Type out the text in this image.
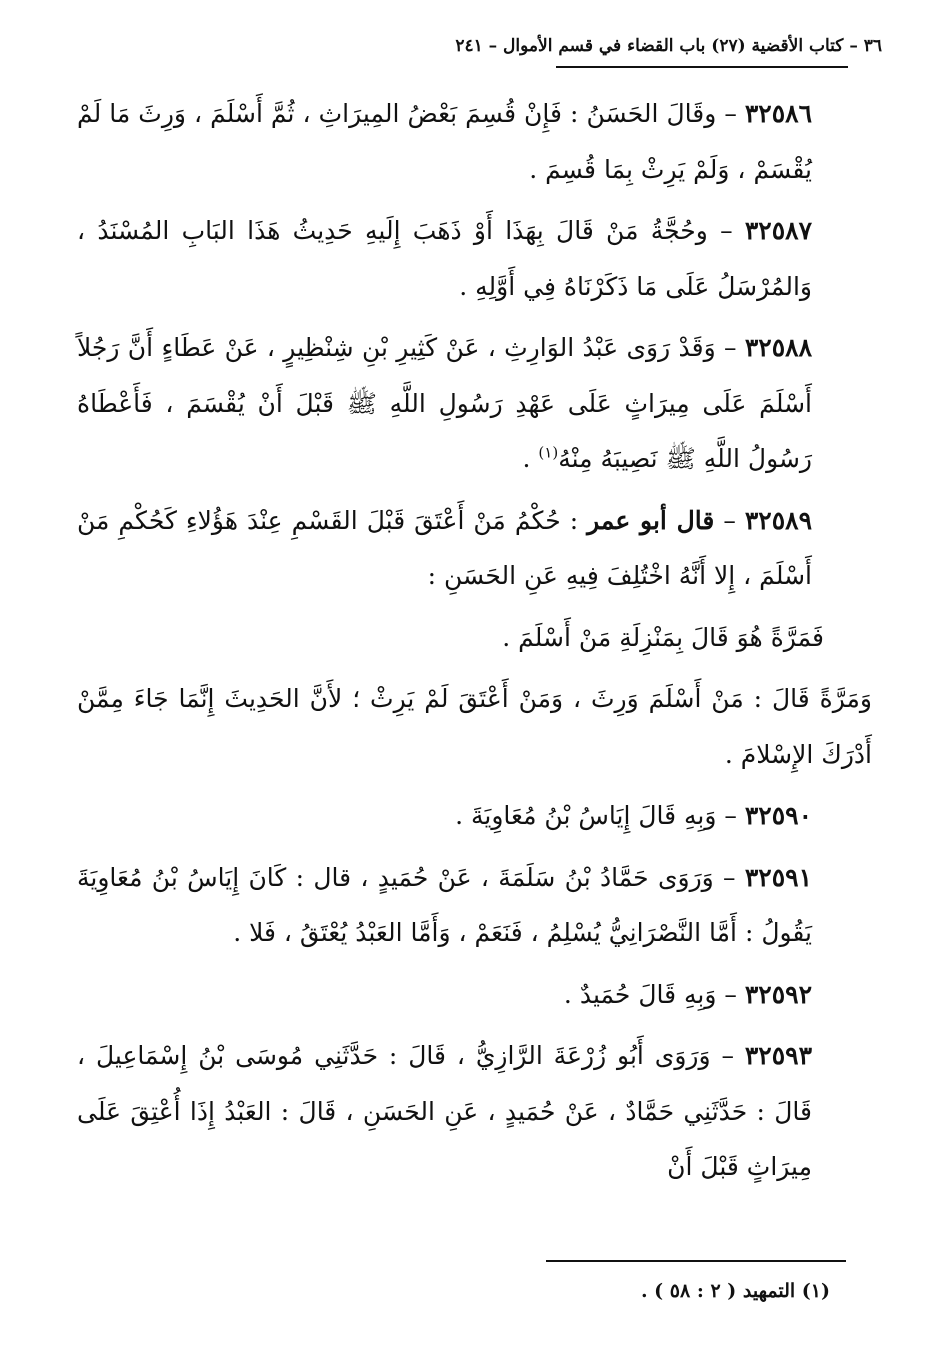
٣٦ – كتاب الأقضية (٢٧) باب القضاء في قسم الأموال – ٢٤١

٣٢٥٨٦ – وقَالَ الحَسَنُ : فَإِنْ قُسِمَ بَعْضُ المِيرَاثِ ، ثُمَّ أَسْلَمَ ، وَرِثَ مَا لَمْ يُقْسَمْ ، وَلَمْ يَرِثْ بِمَا قُسِمَ .

٣٢٥٨٧ – وحُجَّةُ مَنْ قَالَ بِهَذَا أَوْ ذَهَبَ إِلَيهِ حَدِيثُ هَذَا البَابِ المُسْنَدُ ، وَالمُرْسَلُ عَلَى مَا ذَكَرْنَاهُ فِي أَوَّلِهِ .

٣٢٥٨٨ – وَقَدْ رَوَى عَبْدُ الوَارِثِ ، عَنْ كَثِيرِ بْنِ شِنْظِيرٍ ، عَنْ عَطَاءٍ أَنَّ رَجُلاً أَسْلَمَ عَلَى مِيرَاثٍ عَلَى عَهْدِ رَسُولِ اللَّهِ ﷺ قَبْلَ أَنْ يُقْسَمَ ، فَأَعْطَاهُ رَسُولُ اللَّهِ ﷺ نَصِيبَهُ مِنْهُ$^{(١)}$ .

٣٢٥٨٩ – قال أبو عمر : حُكْمُ مَنْ أَعْتَقَ قَبْلَ القَسْمِ عِنْدَ هَؤُلاءِ كَحُكْمِ مَنْ أَسْلَمَ ، إِلا أَنَّهُ اخْتُلِفَ فِيهِ عَنِ الحَسَنِ :

فَمَرَّةً هُوَ قَالَ بِمَنْزِلَةِ مَنْ أَسْلَمَ .

وَمَرَّةً قَالَ : مَنْ أَسْلَمَ وَرِثَ ، وَمَنْ أَعْتَقَ لَمْ يَرِثْ ؛ لأَنَّ الحَدِيثَ إِنَّمَا جَاءَ مِمَّنْ أَدْرَكَ الإِسْلامَ .

٣٢٥٩٠ – وَبِهِ قَالَ إِيَاسُ بْنُ مُعَاوِيَةَ .

٣٢٥٩١ – وَرَوَى حَمَّادُ بْنُ سَلَمَةَ ، عَنْ حُمَيدٍ ، قال : كَانَ إِيَاسُ بْنُ مُعَاوِيَةَ يَقُولُ : أَمَّا النَّصْرَانِيُّ يُسْلِمُ ، فَنَعَمْ ، وَأَمَّا العَبْدُ يُعْتَقُ ، فَلا .

٣٢٥٩٢ – وَبِهِ قَالَ حُمَيدٌ .

٣٢٥٩٣ – وَرَوَى أَبُو زُرْعَةَ الرَّازِيُّ ، قَالَ : حَدَّثَنِي مُوسَى بْنُ إِسْمَاعِيلَ ، قَالَ : حَدَّثَنِي حَمَّادٌ ، عَنْ حُمَيدٍ ، عَنِ الحَسَنِ ، قَالَ : العَبْدُ إِذَا أُعْتِقَ عَلَى مِيرَاثٍ قَبْلَ أَنْ

(١) التمهيد ( ٢ : ٥٨ ) .
